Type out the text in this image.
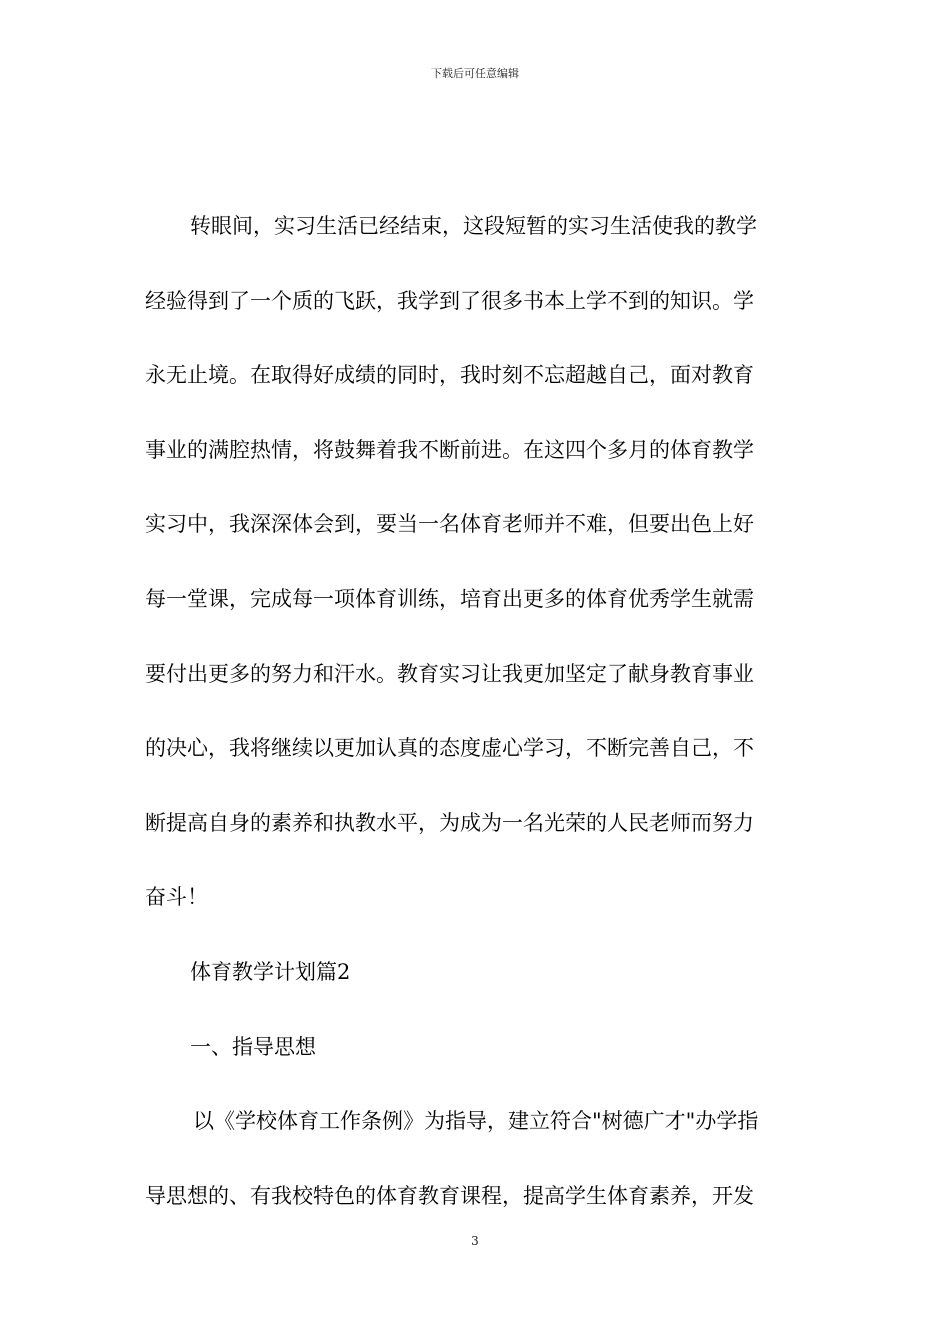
下载后可任意编辑
转眼间，实习生活已经结束，这段短暂的实习生活使我的教学
经验得到了一个质的飞跃，我学到了很多书本上学不到的知识。学
永无止境。在取得好成绩的同时，我时刻不忘超越自己，面对教育
事业的满腔热情，将鼓舞着我不断前进。在这四个多月的体育教学
实习中，我深深体会到，要当一名体育老师并不难，但要出色上好
每一堂课，完成每一项体育训练，培育出更多的体育优秀学生就需
要付出更多的努力和汗水。教育实习让我更加坚定了献身教育事业
的决心，我将继续以更加认真的态度虚心学习，不断完善自己，不
断提高自身的素养和执教水平，为成为一名光荣的人民老师而努力
奋斗！
体育教学计划篇2
一、指导思想
以《学校体育工作条例》为指导，建立符合"树德广才"办学指
导思想的、有我校特色的体育教育课程，提高学生体育素养，开发
3
